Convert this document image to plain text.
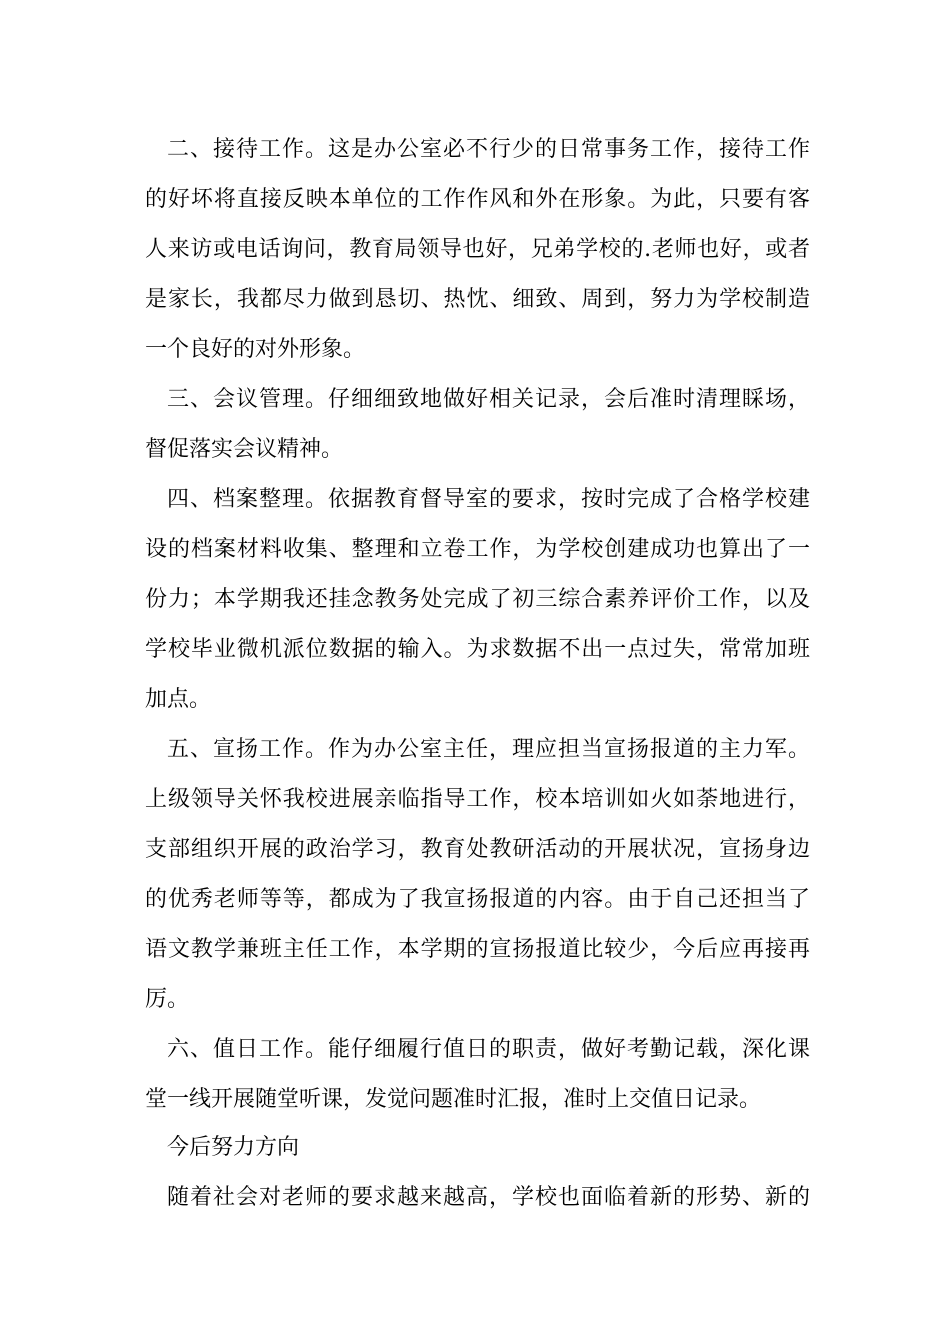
二、接待工作。这是办公室必不行少的日常事务工作，接待工作
的好坏将直接反映本单位的工作作风和外在形象。为此，只要有客
人来访或电话询问，教育局领导也好，兄弟学校的.老师也好，或者
是家长，我都尽力做到恳切、热忱、细致、周到，努力为学校制造
一个良好的对外形象。
三、会议管理。仔细细致地做好相关记录，会后准时清理睬场，
督促落实会议精神。
四、档案整理。依据教育督导室的要求，按时完成了合格学校建
设的档案材料收集、整理和立卷工作，为学校创建成功也算出了一
份力；本学期我还挂念教务处完成了初三综合素养评价工作，以及
学校毕业微机派位数据的输入。为求数据不出一点过失，常常加班
加点。
五、宣扬工作。作为办公室主任，理应担当宣扬报道的主力军。
上级领导关怀我校进展亲临指导工作，校本培训如火如荼地进行，
支部组织开展的政治学习，教育处教研活动的开展状况，宣扬身边
的优秀老师等等，都成为了我宣扬报道的内容。由于自己还担当了
语文教学兼班主任工作，本学期的宣扬报道比较少，今后应再接再
厉。
六、值日工作。能仔细履行值日的职责，做好考勤记载，深化课
堂一线开展随堂听课，发觉问题准时汇报，准时上交值日记录。
今后努力方向
随着社会对老师的要求越来越高，学校也面临着新的形势、新的
